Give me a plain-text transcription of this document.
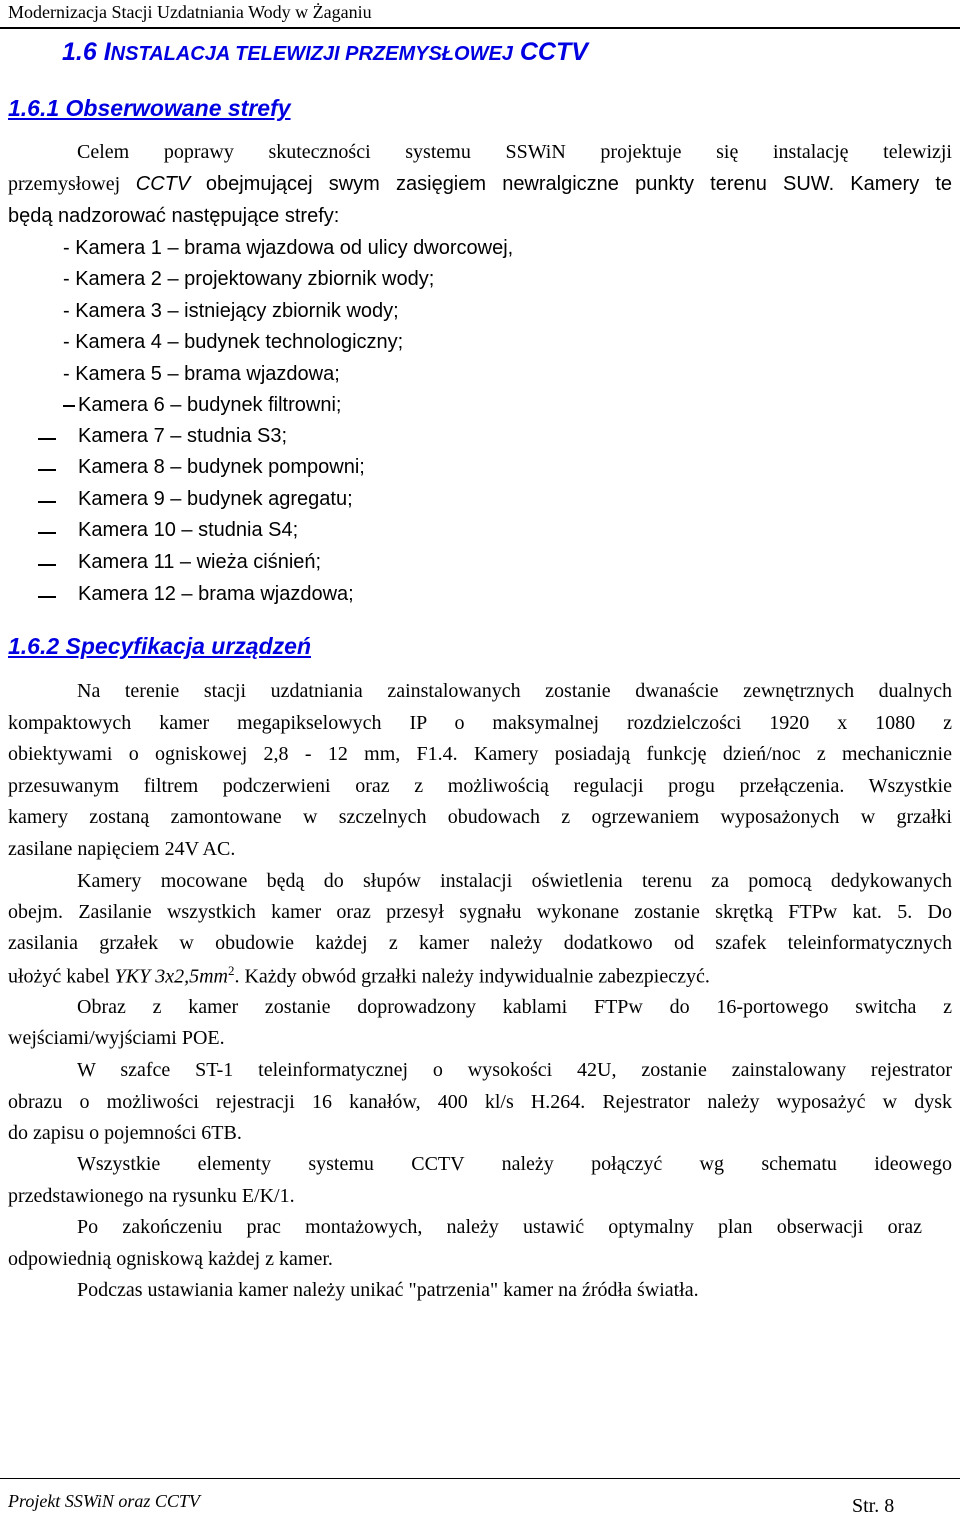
Modernizacja Stacji Uzdatniania Wody w Żaganiu
1.6 INSTALACJA TELEWIZJI PRZEMYSŁOWEJ CCTV
1.6.1 Obserwowane strefy
Celem poprawy skuteczności systemu SSWiN projektuje się instalację telewizji
przemysłowej CCTV obejmującej swym zasięgiem newralgiczne punkty terenu SUW. Kamery te
będą nadzorować następujące strefy:
- Kamera 1 – brama wjazdowa od ulicy dworcowej,
- Kamera 2 – projektowany zbiornik wody;
- Kamera 3 – istniejący zbiornik wody;
- Kamera 4 – budynek technologiczny;
- Kamera 5 – brama wjazdowa;
Kamera 6 – budynek filtrowni;
Kamera 7 – studnia S3;
Kamera 8 – budynek pompowni;
Kamera 9 – budynek agregatu;
Kamera 10 – studnia S4;
Kamera 11 – wieża ciśnień;
Kamera 12 – brama wjazdowa;
1.6.2 Specyfikacja urządzeń
Na terenie stacji uzdatniania zainstalowanych zostanie dwanaście zewnętrznych dualnych
kompaktowych kamer megapikselowych IP o maksymalnej rozdzielczości 1920 x 1080 z
obiektywami o ogniskowej 2,8 - 12 mm, F1.4. Kamery posiadają funkcję dzień/noc z mechanicznie
przesuwanym filtrem podczerwieni oraz z możliwością regulacji progu przełączenia. Wszystkie
kamery zostaną zamontowane w szczelnych obudowach z ogrzewaniem wyposażonych w grzałki
zasilane napięciem 24V AC.
Kamery mocowane będą do słupów instalacji oświetlenia terenu za pomocą dedykowanych
obejm. Zasilanie wszystkich kamer oraz przesył sygnału wykonane zostanie skrętką FTPw kat. 5. Do
zasilania grzałek w obudowie każdej z kamer należy dodatkowo od szafek teleinformatycznych
ułożyć kabel YKY $3x2,5mm^2$. Każdy obwód grzałki należy indywidualnie zabezpieczyć.
Obraz z kamer zostanie doprowadzony kablami FTPw do 16-portowego switcha z
wejściami/wyjściami POE.
W szafce ST-1 teleinformatycznej o wysokości 42U, zostanie zainstalowany rejestrator
obrazu o możliwości rejestracji 16 kanałów, 400 kl/s H.264. Rejestrator należy wyposażyć w dysk
do zapisu o pojemności 6TB.
Wszystkie elementy systemu CCTV należy połączyć wg schematu ideowego
przedstawionego na rysunku E/K/1.
Po zakończeniu prac montażowych, należy ustawić optymalny plan obserwacji oraz
odpowiednią ogniskową każdej z kamer.
Podczas ustawiania kamer należy unikać "patrzenia" kamer na źródła światła.
Projekt SSWiN oraz CCTV	Str. 8
